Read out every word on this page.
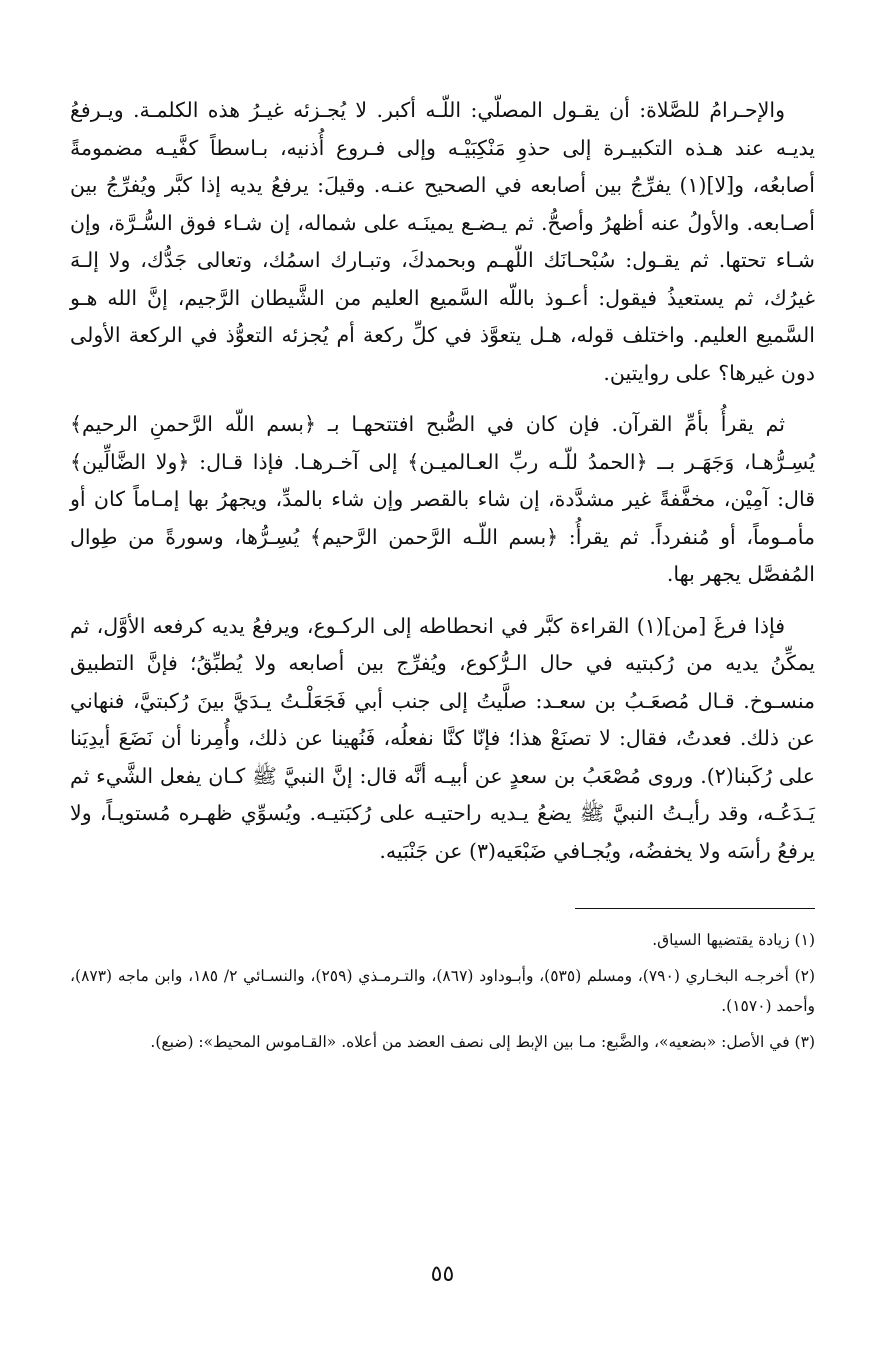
والإحـرامُ للصَّلاة: أن يقـول المصلّي: اللّـه أكبر. لا يُجـزئه غيـرُ هذه الكلمـة. ويـرفعُ يديـه عند هـذه التكبيـرة إلى حذوِ مَنْكِبَيْـه وإلى فـروع أُذنيه، بـاسطاً كفَّيـه مضمومةً أصابعُه، و[لا](١) يفرِّجُ بين أصابعه في الصحيح عنـه. وقيلَ: يرفعُ يديه إذا كبَّر ويُفرِّجُ بين أصـابعه. والأولُ عنه أظهرُ وأصحُّ. ثم يـضـع يمينَـه على شماله، إن شـاء فوق السُّـرَّة، وإن شـاء تحتها. ثم يقـول: سُبْحـانَك اللّهـم وبحمدكَ، وتبـارك اسمُك، وتعالى جَدُّك، ولا إلـهَ غيرُك، ثم يستعيذُ فيقول: أعـوذ باللّه السَّميع العليم من الشَّيطان الرَّجيم، إنَّ الله هـو السَّميع العليم. واختلف قوله، هـل يتعوَّذ في كلِّ ركعة أم يُجزئه التعوُّذ في الركعة الأولى دون غيرها؟ على روايتين.

ثم يقرأُ بأمِّ القرآن. فإن كان في الصُّبح افتتحهـا بـ ﴿بسم اللّه الرَّحمنِ الرحيم﴾ يُسِـرُّهـا، وَجَهَـر بــ ﴿الحمدُ للّـه ربِّ العـالميـن﴾ إلى آخـرهـا. فإذا قـال: ﴿ولا الضَّالِّين﴾ قال: آمِيْن، مخفَّفةً غير مشدَّدة، إن شاء بالقصر وإن شاء بالمدِّ، ويجهرُ بها إمـاماً كان أو مأمـوماً، أو مُنفرداً. ثم يقرأُ: ﴿بسم اللّـه الرَّحمن الرَّحيم﴾ يُسِـرُّها، وسورةً من طِوال المُفصَّل يجهر بها.

فإذا فرغَ [من](١) القراءة كبَّر في انحطاطه إلى الركـوع، ويرفعُ يديه كرفعه الأوَّل، ثم يمكِّنُ يديه من رُكبتيه في حال الـرُّكوع، ويُفرِّج بين أصابعه ولا يُطبِّقُ؛ فإنَّ التطبيق منسـوخ. قـال مُصعَـبُ بن سعـد: صلَّيتُ إلى جنب أبي فَجَعَلْـتُ يـدَيَّ بينَ رُكبتيَّ، فنهاني عن ذلك. فعدتُ، فقال: لا تصنَعْ هذا؛ فإنّا كنَّا نفعلُه، فَنُهينا عن ذلك، وأُمِرنا أن نَضَعَ أيدِيَنا على رُكَبنا(٢). وروى مُصْعَبُ بن سعدٍ عن أبيـه أنَّه قال: إنَّ النبيَّ ﷺ كـان يفعل الشَّيء ثم يَـدَعُـه، وقد رأيـتُ النبيَّ ﷺ يضعُ يـديه راحتيـه على رُكبَتيـه. ويُسوِّي ظهـره مُستويـاً، ولا يرفعُ رأسَه ولا يخفضُه، ويُجـافي ضَبْعَيه(٣) عن جَنْبَيه.

(١) زيادة يقتضيها السياق.
(٢) أخرجـه البخـاري (٧٩٠)، ومسلم (٥٣٥)، وأبـوداود (٨٦٧)، والتـرمـذي (٢٥٩)، والنسـائي ٢/ ١٨٥، وابن ماجه (٨٧٣)، وأحمد (١٥٧٠).
(٣) في الأصل: «بضعيه»، والضَّبع: مـا بين الإبط إلى نصف العضد من أعلاه. «القـاموس المحيط»: (ضبع).
٥٥
